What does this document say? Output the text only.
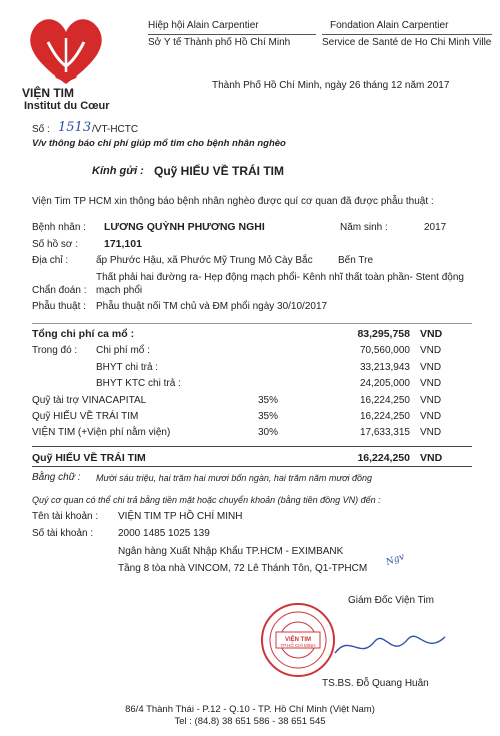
VIỆN TIM
Institut du Cœur
Hiệp hội Alain Carpentier
Sở Y tế Thành phố Hồ Chí Minh
Fondation Alain Carpentier
Service de Santé de Ho Chi Minh Ville
Thành Phố Hồ Chí Minh, ngày 26 tháng 12 năm 2017
Số : 1513 /VT-HCTC
V/v thông báo chi phí giúp mổ tim cho bệnh nhân nghèo
Kính gửi : Quỹ HIẾU VỀ TRÁI TIM
Viện Tim TP HCM xin thông báo bệnh nhân nghèo được quí cơ quan đã được phẫu thuật :
Bệnh nhân : LƯƠNG QUỲNH PHƯƠNG NGHI	Năm sinh :	2017
Số hồ sơ : 171,101
Địa chỉ :	ấp Phước Hậu, xã Phước Mỹ Trung Mỏ Cày Bắc	Bến Tre
Thất phải hai đường ra- Hẹp động mạch phổi- Kênh nhĩ thất toàn phần- Stent động
Chẩn đoán : mạch phổi
Phẫu thuật : Phẫu thuật nối TM chủ và ĐM phổi ngày 30/10/2017
Tổng chi phí ca mổ :	83,295,758 VND
Trong đó : Chi phí mổ :	70,560,000 VND
BHYT chi trả :	33,213,943 VND
BHYT KTC chi trả :	24,205,000 VND
Quỹ tài trợ VINACAPITAL	35%	16,224,250 VND
Quỹ HIẾU VỀ TRÁI TIM	35%	16,224,250 VND
VIỆN TIM (+Viện phí nằm viện)	30%	17,633,315 VND
Quỹ HIẾU VỀ TRÁI TIM	16,224,250 VND
Bằng chữ : Mười sáu triệu, hai trăm hai mươi bốn ngàn, hai trăm năm mươi đồng
Quý cơ quan có thể chi trả bằng tiền mặt hoặc chuyển khoản (bằng tiền đồng VN) đến :
Tên tài khoản : VIỆN TIM TP HỒ CHÍ MINH
Số tài khoản : 2000 1485 1025 139
Ngân hàng Xuất Nhập Khẩu TP.HCM - EXIMBANK
Tầng 8 tòa nhà VINCOM, 72 Lê Thánh Tôn, Q1-TPHCM
Ngv
Giám Đốc Viện Tim
VIỆN TIM
TP.HỒ CHÍ MINH
TS.BS. Đỗ Quang Huân
86/4 Thành Thái - P.12 - Q.10 - TP. Hồ Chí Minh (Việt Nam)
Tel : (84.8) 38 651 586 - 38 651 545
